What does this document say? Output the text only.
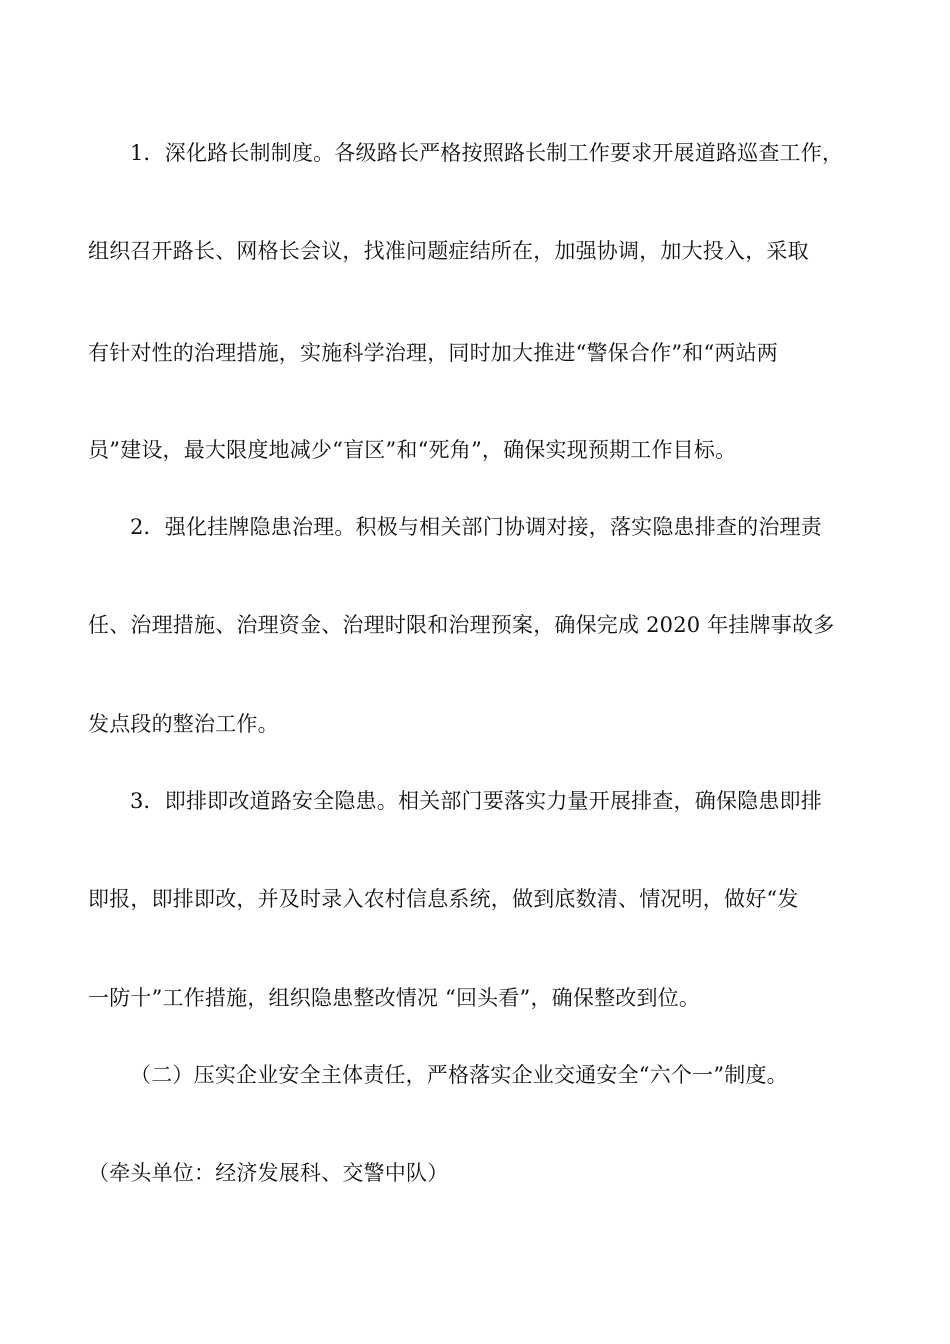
1．深化路长制制度。各级路长严格按照路长制工作要求开展道路巡查工作，
组织召开路长、网格长会议，找准问题症结所在，加强协调，加大投入，采取
有针对性的治理措施，实施科学治理，同时加大推进“警保合作”和“两站两
员”建设，最大限度地减少“盲区”和“死角”，确保实现预期工作目标。
2．强化挂牌隐患治理。积极与相关部门协调对接，落实隐患排查的治理责
任、治理措施、治理资金、治理时限和治理预案，确保完成 2020 年挂牌事故多
发点段的整治工作。
3．即排即改道路安全隐患。相关部门要落实力量开展排查，确保隐患即排
即报，即排即改，并及时录入农村信息系统，做到底数清、情况明，做好“发
一防十”工作措施，组织隐患整改情况 “回头看”，确保整改到位。
（二）压实企业安全主体责任，严格落实企业交通安全“六个一”制度。
（牵头单位：经济发展科、交警中队）
